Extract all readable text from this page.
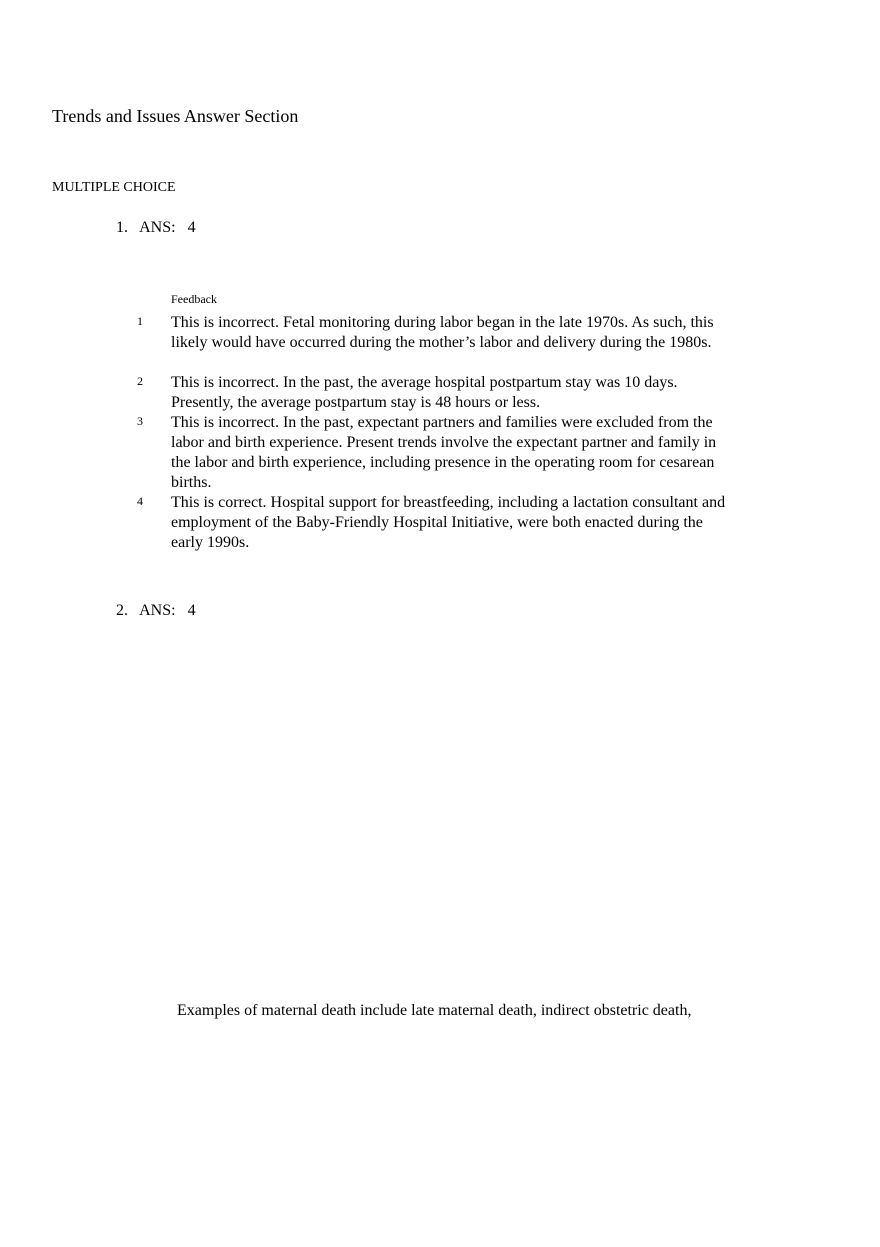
Trends and Issues Answer Section
MULTIPLE CHOICE
1.   ANS:   4
Feedback
1 This is incorrect. Fetal monitoring during labor began in the late 1970s. As such, this likely would have occurred during the mother’s labor and delivery during the 1980s.
2 This is incorrect. In the past, the average hospital postpartum stay was 10 days. Presently, the average postpartum stay is 48 hours or less.
3 This is incorrect. In the past, expectant partners and families were excluded from the labor and birth experience. Present trends involve the expectant partner and family in the labor and birth experience, including presence in the operating room for cesarean births.
4 This is correct. Hospital support for breastfeeding, including a lactation consultant and employment of the Baby-Friendly Hospital Initiative, were both enacted during the early 1990s.
2.   ANS:   4
Examples of maternal death include late maternal death, indirect obstetric death,
